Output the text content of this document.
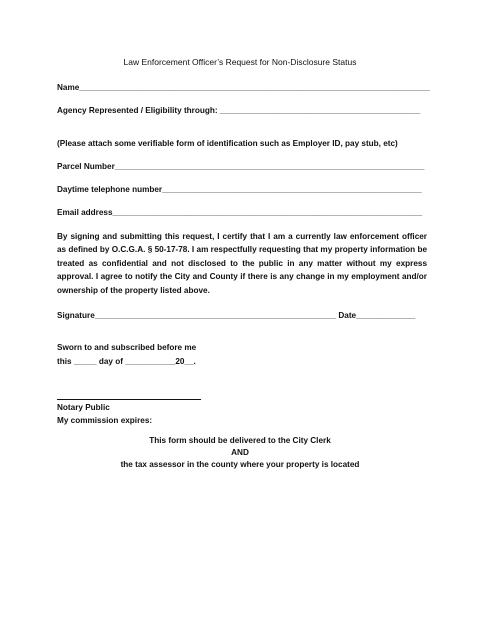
Law Enforcement Officer’s Request for Non-Disclosure Status
Name_____________________________________________________________________________
Agency Represented / Eligibility through: ____________________________________________
(Please attach some verifiable form of identification such as Employer ID, pay stub, etc)
Parcel Number____________________________________________________________________
Daytime telephone number_________________________________________________________
Email address____________________________________________________________________
By signing and submitting this request, I certify that I am a currently law enforcement officer as defined by O.C.G.A. § 50-17-78. I am respectfully requesting that my property information be treated as confidential and not disclosed to the public in any matter without my express approval. I agree to notify the City and County if there is any change in my employment and/or ownership of the property listed above.
Signature_____________________________________________________ Date_____________
Sworn to and subscribed before me
this _____ day of ___________20__.
Notary Public
My commission expires:
This form should be delivered to the City Clerk
AND
the tax assessor in the county where your property is located
